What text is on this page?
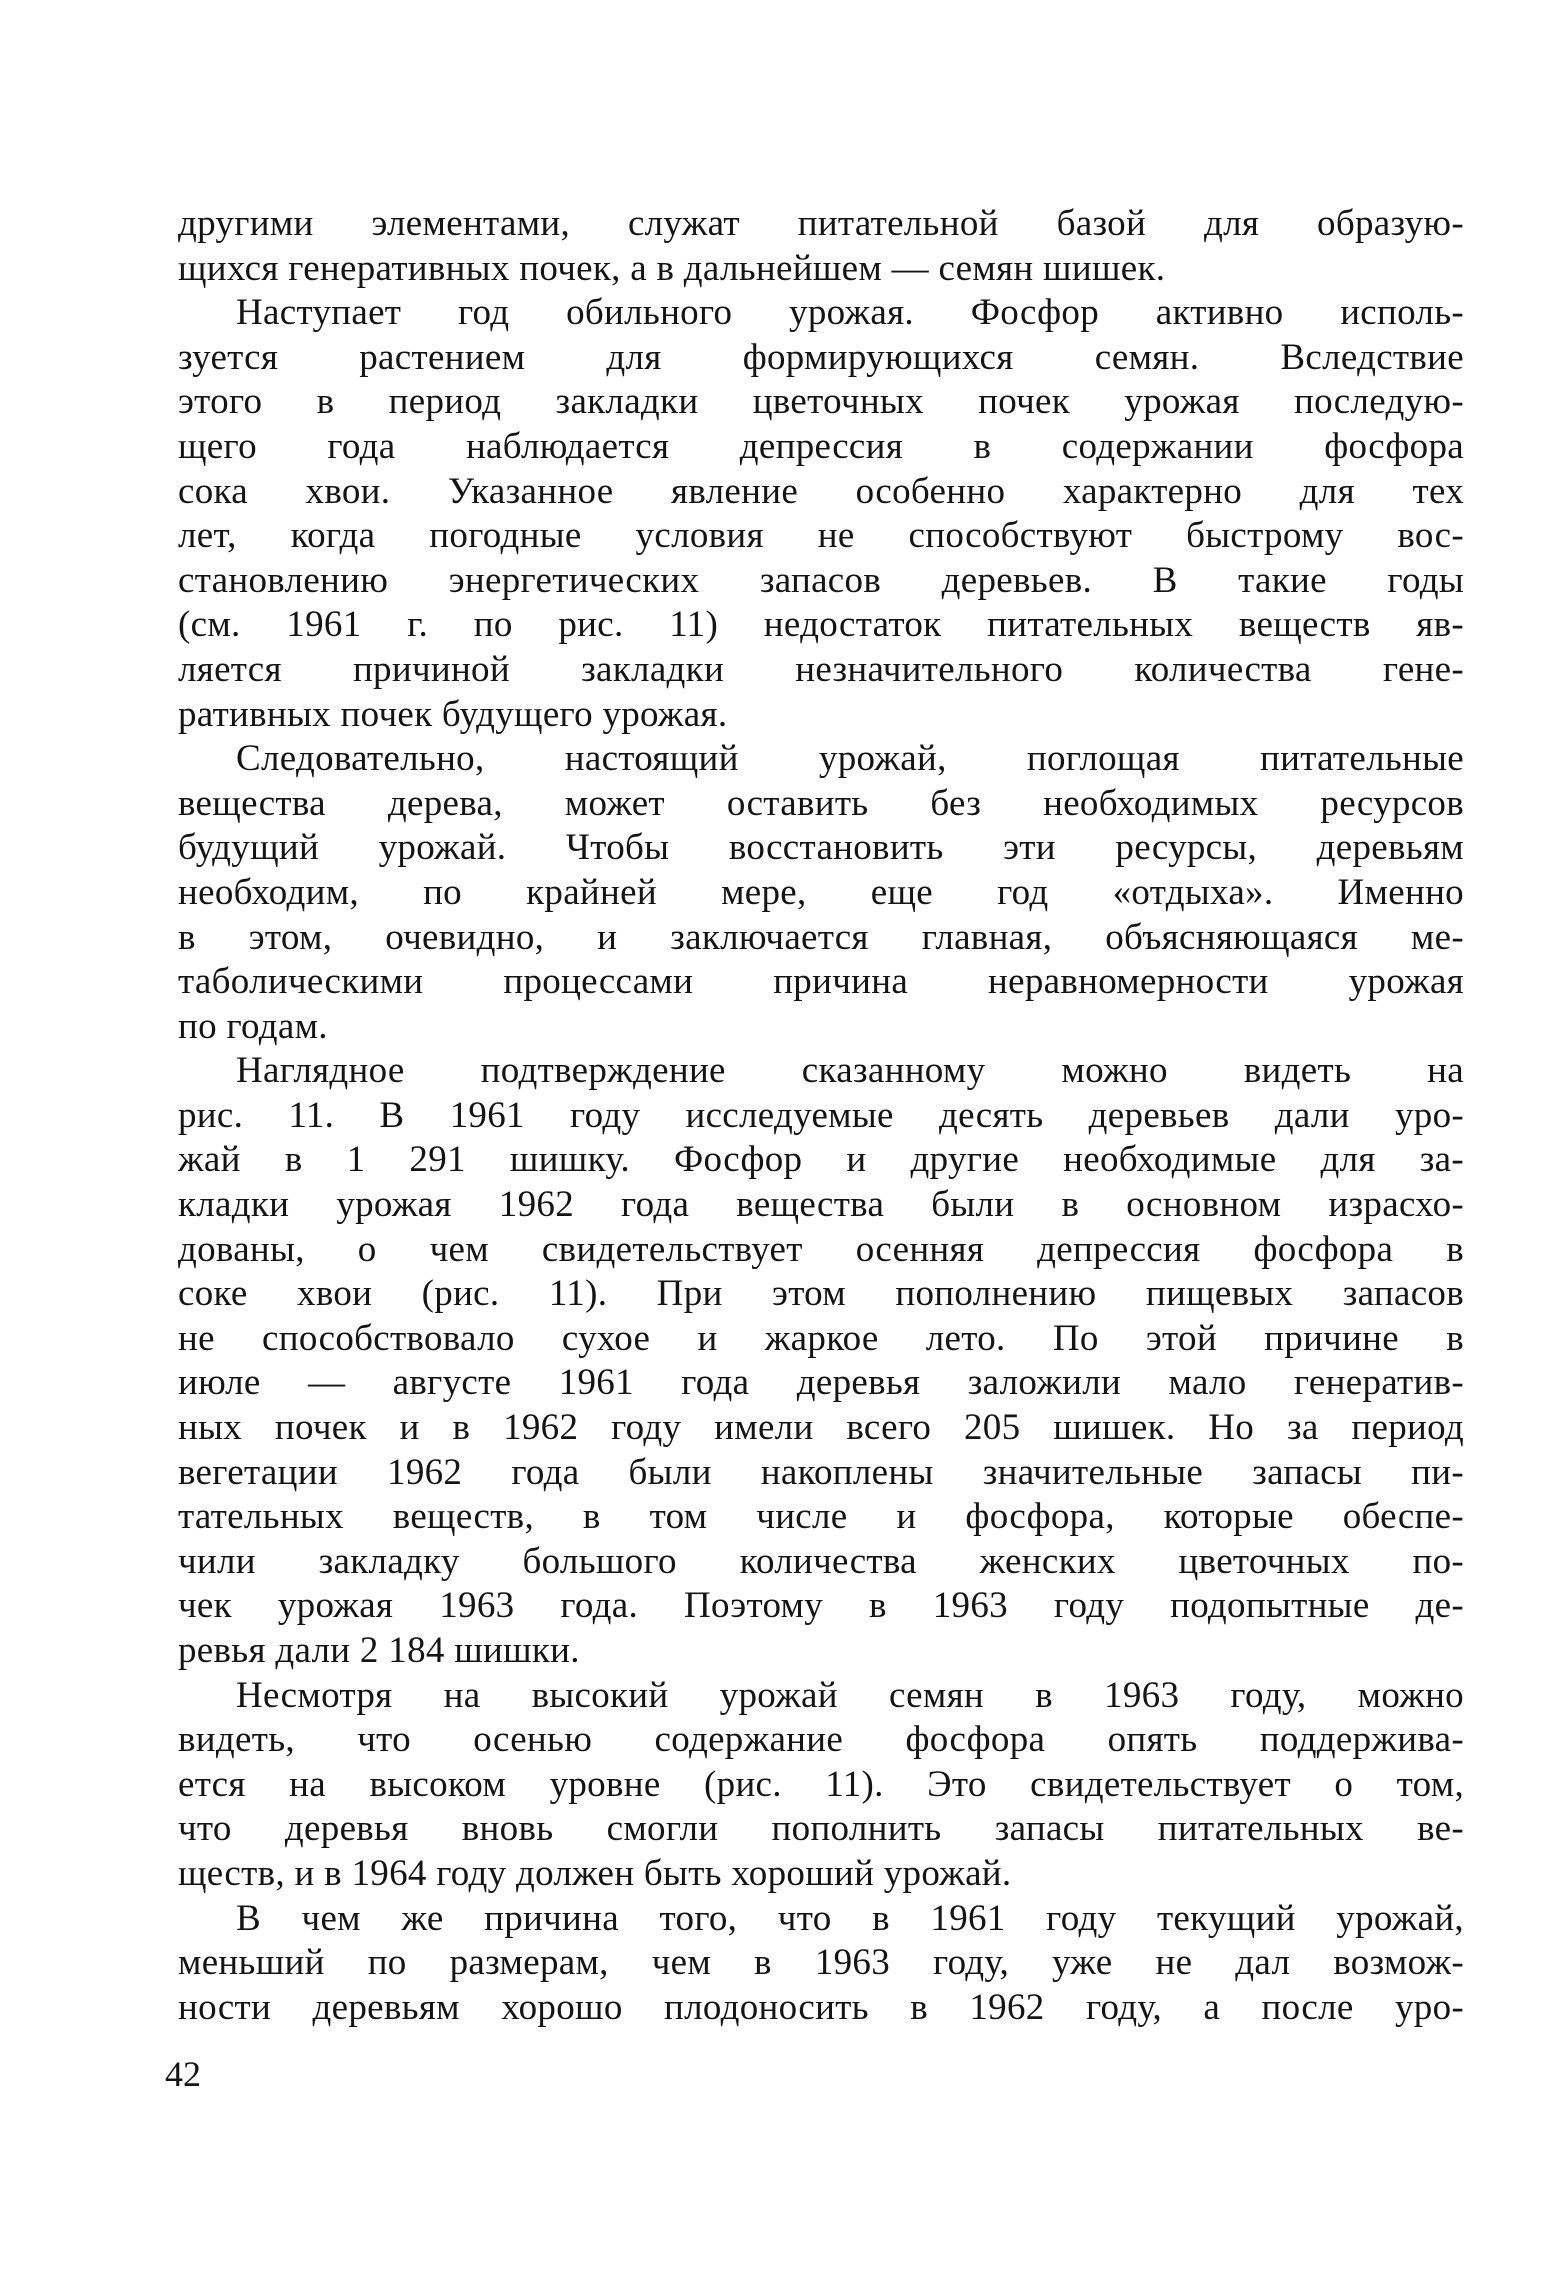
другими элементами, служат питательной базой для образую-
щихся генеративных почек, а в дальнейшем — семян шишек.
Наступает год обильного урожая. Фосфор активно исполь-
зуется растением для формирующихся семян. Вследствие
этого в период закладки цветочных почек урожая последую-
щего года наблюдается депрессия в содержании фосфора
сока хвои. Указанное явление особенно характерно для тех
лет, когда погодные условия не способствуют быстрому вос-
становлению энергетических запасов деревьев. В такие годы
(см. 1961 г. по рис. 11) недостаток питательных веществ яв-
ляется причиной закладки незначительного количества гене-
ративных почек будущего урожая.
Следовательно, настоящий урожай, поглощая питательные
вещества дерева, может оставить без необходимых ресурсов
будущий урожай. Чтобы восстановить эти ресурсы, деревьям
необходим, по крайней мере, еще год «отдыха». Именно
в этом, очевидно, и заключается главная, объясняющаяся ме-
таболическими процессами причина неравномерности урожая
по годам.
Наглядное подтверждение сказанному можно видеть на
рис. 11. В 1961 году исследуемые десять деревьев дали уро-
жай в 1 291 шишку. Фосфор и другие необходимые для за-
кладки урожая 1962 года вещества были в основном израсхо-
дованы, о чем свидетельствует осенняя депрессия фосфора в
соке хвои (рис. 11). При этом пополнению пищевых запасов
не способствовало сухое и жаркое лето. По этой причине в
июле — августе 1961 года деревья заложили мало генератив-
ных почек и в 1962 году имели всего 205 шишек. Но за период
вегетации 1962 года были накоплены значительные запасы пи-
тательных веществ, в том числе и фосфора, которые обеспе-
чили закладку большого количества женских цветочных по-
чек урожая 1963 года. Поэтому в 1963 году подопытные де-
ревья дали 2 184 шишки.
Несмотря на высокий урожай семян в 1963 году, можно
видеть, что осенью содержание фосфора опять поддержива-
ется на высоком уровне (рис. 11). Это свидетельствует о том,
что деревья вновь смогли пополнить запасы питательных ве-
ществ, и в 1964 году должен быть хороший урожай.
В чем же причина того, что в 1961 году текущий урожай,
меньший по размерам, чем в 1963 году, уже не дал возмож-
ности деревьям хорошо плодоносить в 1962 году, а после уро-
42
